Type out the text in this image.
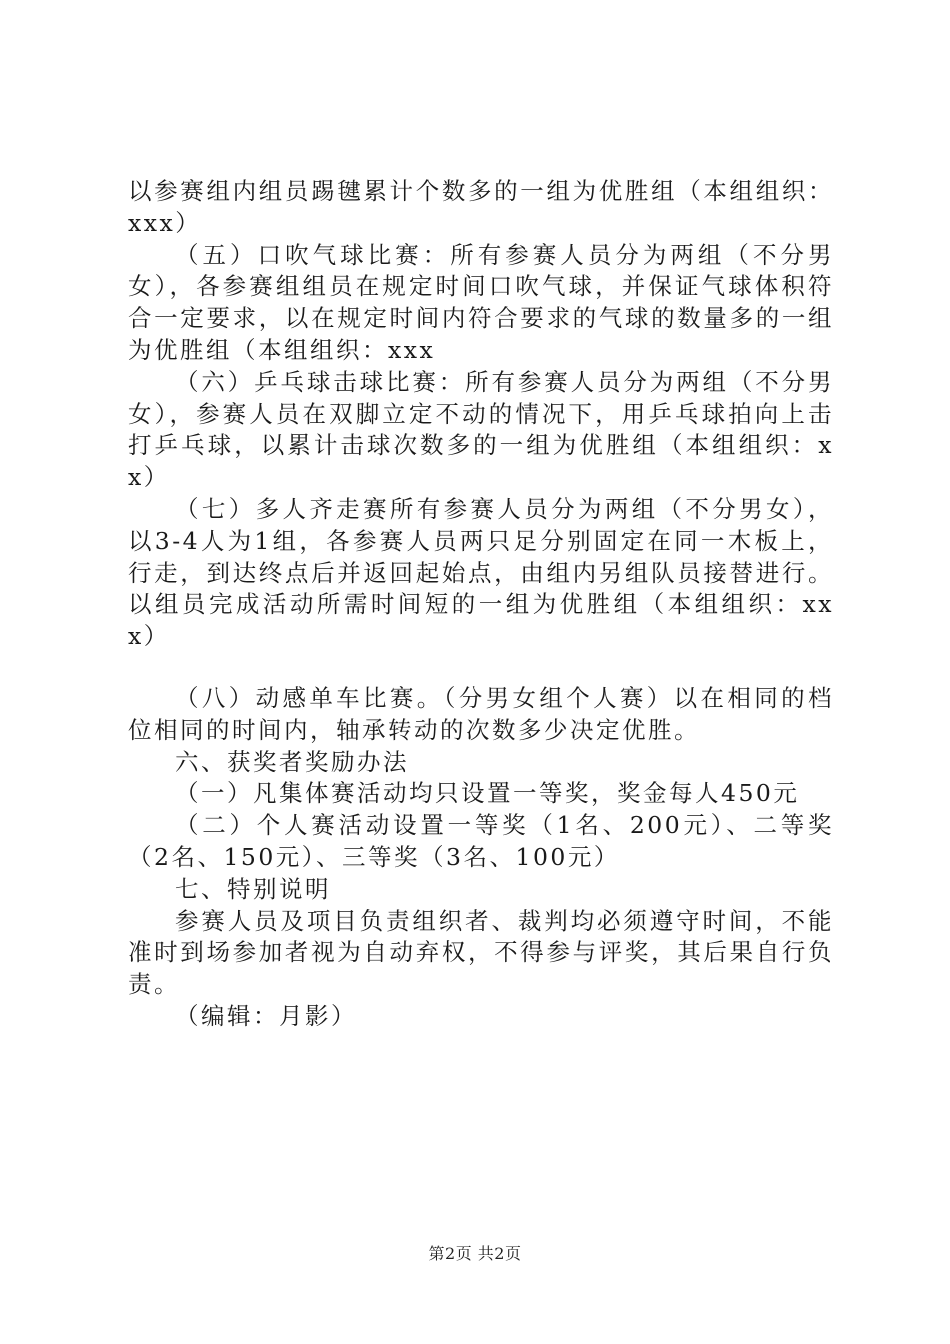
以参赛组内组员踢毽累计个数多的一组为优胜组（本组组织：xxx）

（五）口吹气球比赛：所有参赛人员分为两组（不分男女），各参赛组组员在规定时间口吹气球，并保证气球体积符合一定要求，以在规定时间内符合要求的气球的数量多的一组为优胜组（本组组织：xxx

（六）乒乓球击球比赛：所有参赛人员分为两组（不分男女），参赛人员在双脚立定不动的情况下，用乒乓球拍向上击打乒乓球，以累计击球次数多的一组为优胜组（本组组织：xx）

（七）多人齐走赛所有参赛人员分为两组（不分男女），以3-4人为1组，各参赛人员两只足分别固定在同一木板上，行走，到达终点后并返回起始点，由组内另组队员接替进行。以组员完成活动所需时间短的一组为优胜组（本组组织：xxx）

（八）动感单车比赛。（分男女组个人赛）以在相同的档位相同的时间内，轴承转动的次数多少决定优胜。

六、获奖者奖励办法

（一）凡集体赛活动均只设置一等奖，奖金每人450元

（二）个人赛活动设置一等奖（1名、200元）、二等奖（2名、150元）、三等奖（3名、100元）

七、特别说明

参赛人员及项目负责组织者、裁判均必须遵守时间，不能准时到场参加者视为自动弃权，不得参与评奖，其后果自行负责。

（编辑：月影）

第2页 共2页
